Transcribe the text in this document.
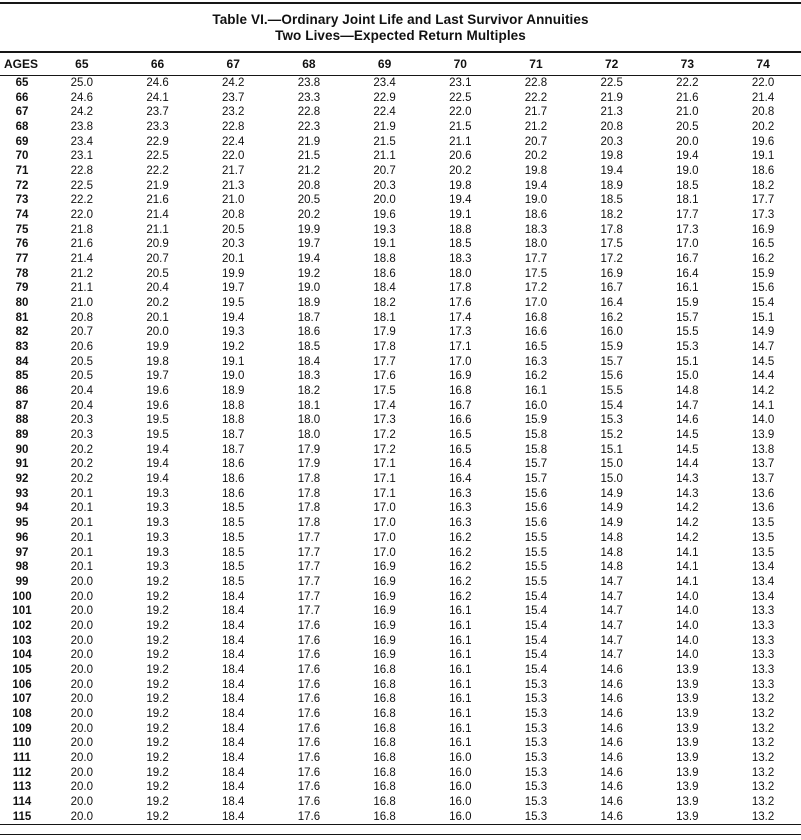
Table VI.—Ordinary Joint Life and Last Survivor Annuities
Two Lives—Expected Return Multiples
AGES	65	66	67	68	69	70	71	72	73	74
65	25.0	24.6	24.2	23.8	23.4	23.1	22.8	22.5	22.2	22.0
66	24.6	24.1	23.7	23.3	22.9	22.5	22.2	21.9	21.6	21.4
67	24.2	23.7	23.2	22.8	22.4	22.0	21.7	21.3	21.0	20.8
68	23.8	23.3	22.8	22.3	21.9	21.5	21.2	20.8	20.5	20.2
69	23.4	22.9	22.4	21.9	21.5	21.1	20.7	20.3	20.0	19.6
70	23.1	22.5	22.0	21.5	21.1	20.6	20.2	19.8	19.4	19.1
71	22.8	22.2	21.7	21.2	20.7	20.2	19.8	19.4	19.0	18.6
72	22.5	21.9	21.3	20.8	20.3	19.8	19.4	18.9	18.5	18.2
73	22.2	21.6	21.0	20.5	20.0	19.4	19.0	18.5	18.1	17.7
74	22.0	21.4	20.8	20.2	19.6	19.1	18.6	18.2	17.7	17.3
75	21.8	21.1	20.5	19.9	19.3	18.8	18.3	17.8	17.3	16.9
76	21.6	20.9	20.3	19.7	19.1	18.5	18.0	17.5	17.0	16.5
77	21.4	20.7	20.1	19.4	18.8	18.3	17.7	17.2	16.7	16.2
78	21.2	20.5	19.9	19.2	18.6	18.0	17.5	16.9	16.4	15.9
79	21.1	20.4	19.7	19.0	18.4	17.8	17.2	16.7	16.1	15.6
80	21.0	20.2	19.5	18.9	18.2	17.6	17.0	16.4	15.9	15.4
81	20.8	20.1	19.4	18.7	18.1	17.4	16.8	16.2	15.7	15.1
82	20.7	20.0	19.3	18.6	17.9	17.3	16.6	16.0	15.5	14.9
83	20.6	19.9	19.2	18.5	17.8	17.1	16.5	15.9	15.3	14.7
84	20.5	19.8	19.1	18.4	17.7	17.0	16.3	15.7	15.1	14.5
85	20.5	19.7	19.0	18.3	17.6	16.9	16.2	15.6	15.0	14.4
86	20.4	19.6	18.9	18.2	17.5	16.8	16.1	15.5	14.8	14.2
87	20.4	19.6	18.8	18.1	17.4	16.7	16.0	15.4	14.7	14.1
88	20.3	19.5	18.8	18.0	17.3	16.6	15.9	15.3	14.6	14.0
89	20.3	19.5	18.7	18.0	17.2	16.5	15.8	15.2	14.5	13.9
90	20.2	19.4	18.7	17.9	17.2	16.5	15.8	15.1	14.5	13.8
91	20.2	19.4	18.6	17.9	17.1	16.4	15.7	15.0	14.4	13.7
92	20.2	19.4	18.6	17.8	17.1	16.4	15.7	15.0	14.3	13.7
93	20.1	19.3	18.6	17.8	17.1	16.3	15.6	14.9	14.3	13.6
94	20.1	19.3	18.5	17.8	17.0	16.3	15.6	14.9	14.2	13.6
95	20.1	19.3	18.5	17.8	17.0	16.3	15.6	14.9	14.2	13.5
96	20.1	19.3	18.5	17.7	17.0	16.2	15.5	14.8	14.2	13.5
97	20.1	19.3	18.5	17.7	17.0	16.2	15.5	14.8	14.1	13.5
98	20.1	19.3	18.5	17.7	16.9	16.2	15.5	14.8	14.1	13.4
99	20.0	19.2	18.5	17.7	16.9	16.2	15.5	14.7	14.1	13.4
100	20.0	19.2	18.4	17.7	16.9	16.2	15.4	14.7	14.0	13.4
101	20.0	19.2	18.4	17.7	16.9	16.1	15.4	14.7	14.0	13.3
102	20.0	19.2	18.4	17.6	16.9	16.1	15.4	14.7	14.0	13.3
103	20.0	19.2	18.4	17.6	16.9	16.1	15.4	14.7	14.0	13.3
104	20.0	19.2	18.4	17.6	16.9	16.1	15.4	14.7	14.0	13.3
105	20.0	19.2	18.4	17.6	16.8	16.1	15.4	14.6	13.9	13.3
106	20.0	19.2	18.4	17.6	16.8	16.1	15.3	14.6	13.9	13.3
107	20.0	19.2	18.4	17.6	16.8	16.1	15.3	14.6	13.9	13.2
108	20.0	19.2	18.4	17.6	16.8	16.1	15.3	14.6	13.9	13.2
109	20.0	19.2	18.4	17.6	16.8	16.1	15.3	14.6	13.9	13.2
110	20.0	19.2	18.4	17.6	16.8	16.1	15.3	14.6	13.9	13.2
111	20.0	19.2	18.4	17.6	16.8	16.0	15.3	14.6	13.9	13.2
112	20.0	19.2	18.4	17.6	16.8	16.0	15.3	14.6	13.9	13.2
113	20.0	19.2	18.4	17.6	16.8	16.0	15.3	14.6	13.9	13.2
114	20.0	19.2	18.4	17.6	16.8	16.0	15.3	14.6	13.9	13.2
115	20.0	19.2	18.4	17.6	16.8	16.0	15.3	14.6	13.9	13.2
